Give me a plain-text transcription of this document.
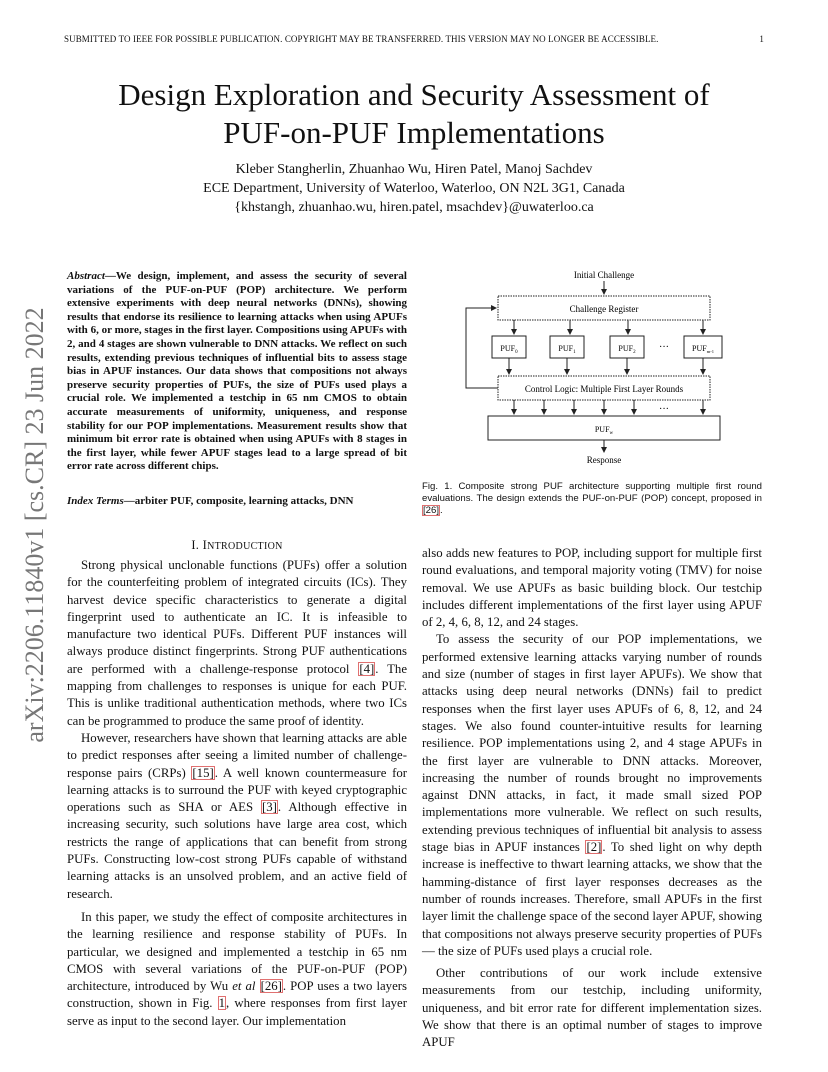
SUBMITTED TO IEEE FOR POSSIBLE PUBLICATION. COPYRIGHT MAY BE TRANSFERRED. THIS VERSION MAY NO LONGER BE ACCESSIBLE.	1
Design Exploration and Security Assessment of
PUF-on-PUF Implementations
Kleber Stangherlin, Zhuanhao Wu, Hiren Patel, Manoj Sachdev
ECE Department, University of Waterloo, Waterloo, ON N2L 3G1, Canada
{khstangh, zhuanhao.wu, hiren.patel, msachdev}@uwaterloo.ca
arXiv:2206.11840v1 [cs.CR] 23 Jun 2022
Abstract—We design, implement, and assess the security of several variations of the PUF-on-PUF (POP) architecture. We perform extensive experiments with deep neural networks (DNNs), showing results that endorse its resilience to learning attacks when using APUFs with 6, or more, stages in the first layer. Compositions using APUFs with 2, and 4 stages are shown vulnerable to DNN attacks. We reflect on such results, extending previous techniques of influential bits to assess stage bias in APUF instances. Our data shows that compositions not always preserve security properties of PUFs, the size of PUFs used plays a crucial role. We implemented a testchip in 65 nm CMOS to obtain accurate measurements of uniformity, uniqueness, and response stability for our POP implementations. Measurement results show that minimum bit error rate is obtained when using APUFs with 8 stages in the first layer, while fewer APUF stages lead to a large spread of bit error rate across different chips.
Index Terms—arbiter PUF, composite, learning attacks, DNN
I. INTRODUCTION

Strong physical unclonable functions (PUFs) offer a solution for the counterfeiting problem of integrated circuits (ICs). They harvest device specific characteristics to generate a digital fingerprint used to authenticate an IC. It is infeasible to manufacture two identical PUFs. Different PUF instances will always produce distinct fingerprints. Strong PUF authentications are performed with a challenge-response protocol [4]. The mapping from challenges to responses is unique for each PUF. This is unlike traditional authentication methods, where two ICs can be programmed to produce the same proof of identity.

However, researchers have shown that learning attacks are able to predict responses after seeing a limited number of challenge-response pairs (CRPs) [15]. A well known countermeasure for learning attacks is to surround the PUF with keyed cryptographic operations such as SHA or AES [3]. Although effective in increasing security, such solutions have large area cost, which restricts the range of applications that can benefit from strong PUFs. Constructing low-cost strong PUFs capable of withstand learning attacks is an unsolved problem, and an active field of research.

In this paper, we study the effect of composite architectures in the learning resilience and response stability of PUFs. In particular, we designed and implemented a testchip in 65 nm CMOS with several variations of the PUF-on-PUF (POP) architecture, introduced by Wu et al [26]. POP uses a two layers construction, shown in Fig. 1, where responses from first layer serve as input to the second layer. Our implementation

Initial Challenge
Challenge Register
$PUF_0$	$PUF_1$	$PUF_2$ ···	$PUF_{m-1}$
Control Logic: Multiple First Layer Rounds
···
$PUF_w$
Response
Fig. 1. Composite strong PUF architecture supporting multiple first round evaluations. The design extends the PUF-on-PUF (POP) concept, proposed in [26].

also adds new features to POP, including support for multiple first round evaluations, and temporal majority voting (TMV) for noise removal. We use APUFs as basic building block. Our testchip includes different implementations of the first layer using APUF of 2, 4, 6, 8, 12, and 24 stages.

To assess the security of our POP implementations, we performed extensive learning attacks varying number of rounds and size (number of stages in first layer APUFs). We show that attacks using deep neural networks (DNNs) fail to predict responses when the first layer uses APUFs of 6, 8, 12, and 24 stages. We also found counter-intuitive results for learning resilience. POP implementations using 2, and 4 stage APUFs in the first layer are vulnerable to DNN attacks. Moreover, increasing the number of rounds brought no improvements against DNN attacks, in fact, it made small sized POP implementations more vulnerable. We reflect on such results, extending previous techniques of influential bit analysis to assess stage bias in APUF instances [2]. To shed light on why depth increase is ineffective to thwart learning attacks, we show that the hamming-distance of first layer responses decreases as the number of rounds increases. Therefore, small APUFs in the first layer limit the challenge space of the second layer APUF, showing that compositions not always preserve security properties of PUFs — the size of PUFs used plays a crucial role.

Other contributions of our work include extensive measurements from our testchip, including uniformity, uniqueness, and bit error rate for different implementation sizes. We show that there is an optimal number of stages to improve APUF
